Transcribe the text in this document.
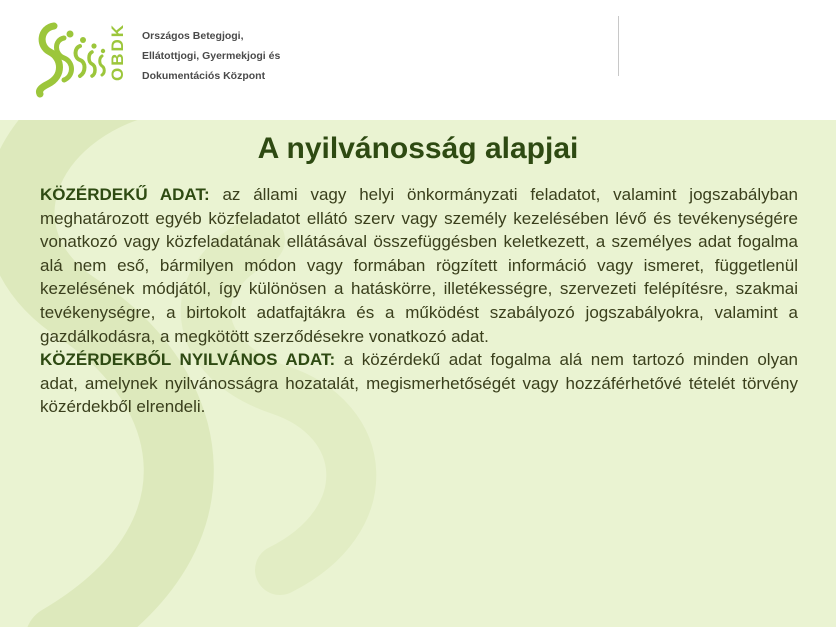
OBDK Országos Betegjogi,
Ellátottjogi, Gyermekjogi és
Dokumentációs Központ
A nyilvánosság alapjai

KÖZÉRDEKŰ ADAT: az állami vagy helyi önkormányzati feladatot, valamint jogszabályban meghatározott egyéb közfeladatot ellátó szerv vagy személy kezelésében lévő és tevékenységére vonatkozó vagy közfeladatának ellátásával összefüggésben keletkezett, a személyes adat fogalma alá nem eső, bármilyen módon vagy formában rögzített információ vagy ismeret, függetlenül kezelésének módjától, így különösen a hatáskörre, illetékességre, szervezeti felépítésre, szakmai tevékenységre, a birtokolt adatfajtákra és a működést szabályozó jogszabályokra, valamint a gazdálkodásra, a megkötött szerződésekre vonatkozó adat.

KÖZÉRDEKBŐL NYILVÁNOS ADAT: a közérdekű adat fogalma alá nem tartozó minden olyan adat, amelynek nyilvánosságra hozatalát, megismerhetőségét vagy hozzáférhetővé tételét törvény közérdekből elrendeli.
